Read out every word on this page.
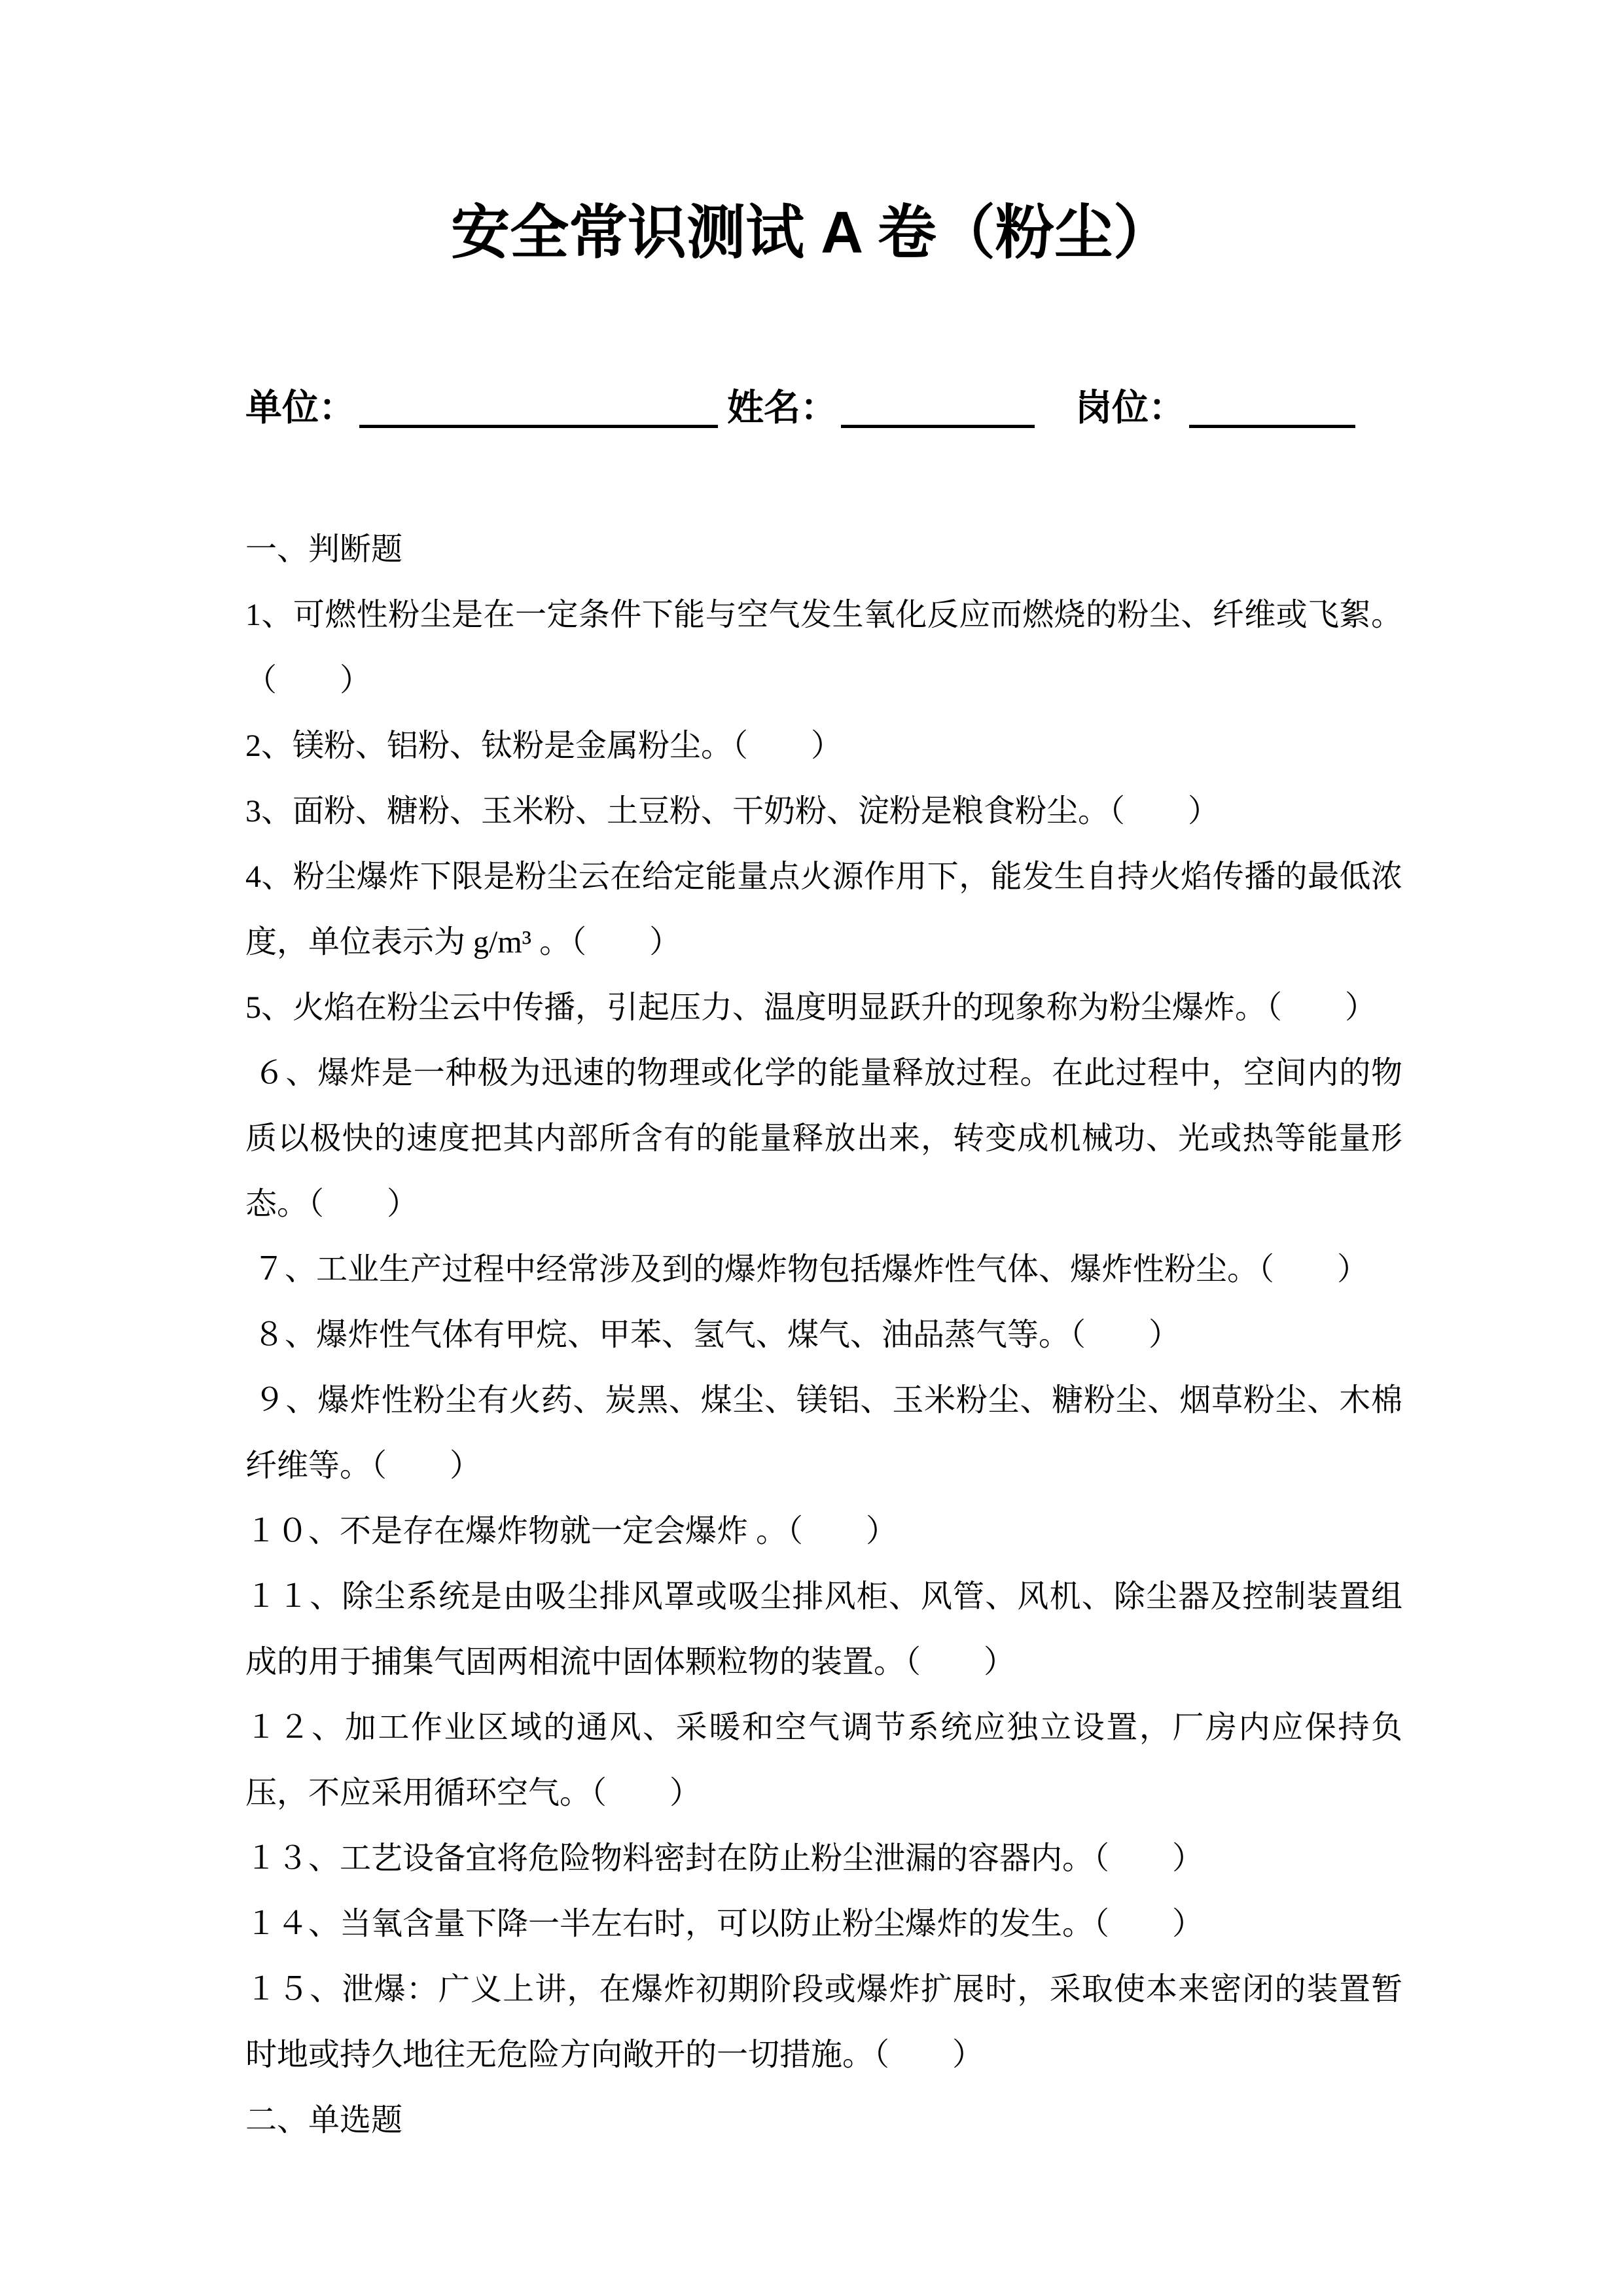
安全常识测试 A 卷（粉尘）
单位：	姓名：	岗位：

一、判断题

1、可燃性粉尘是在一定条件下能与空气发生氧化反应而燃烧的粉尘、纤维或飞絮。（　　）

2、镁粉、铝粉、钛粉是金属粉尘。（　　）

3、面粉、糖粉、玉米粉、土豆粉、干奶粉、淀粉是粮食粉尘。（　　）

4、粉尘爆炸下限是粉尘云在给定能量点火源作用下，能发生自持火焰传播的最低浓度，单位表示为 g/m³ 。（　　）

5、火焰在粉尘云中传播，引起压力、温度明显跃升的现象称为粉尘爆炸。（　　）

６、爆炸是一种极为迅速的物理或化学的能量释放过程。在此过程中，空间内的物质以极快的速度把其内部所含有的能量释放出来，转变成机械功、光或热等能量形态。（　　）

７、工业生产过程中经常涉及到的爆炸物包括爆炸性气体、爆炸性粉尘。（　　）

８、爆炸性气体有甲烷、甲苯、氢气、煤气、油品蒸气等。（　　）

９、爆炸性粉尘有火药、炭黑、煤尘、镁铝、玉米粉尘、糖粉尘、烟草粉尘、木棉纤维等。（　　）

１０、不是存在爆炸物就一定会爆炸 。（　　）

１１、除尘系统是由吸尘排风罩或吸尘排风柜、风管、风机、除尘器及控制装置组成的用于捕集气固两相流中固体颗粒物的装置。（　　）

１２、加工作业区域的通风、采暖和空气调节系统应独立设置，厂房内应保持负压，不应采用循环空气。（　　）

１３、工艺设备宜将危险物料密封在防止粉尘泄漏的容器内。（　　）

１４、当氧含量下降一半左右时，可以防止粉尘爆炸的发生。（　　）

１５、泄爆：广义上讲，在爆炸初期阶段或爆炸扩展时，采取使本来密闭的装置暂时地或持久地往无危险方向敞开的一切措施。（　　）

二、单选题
